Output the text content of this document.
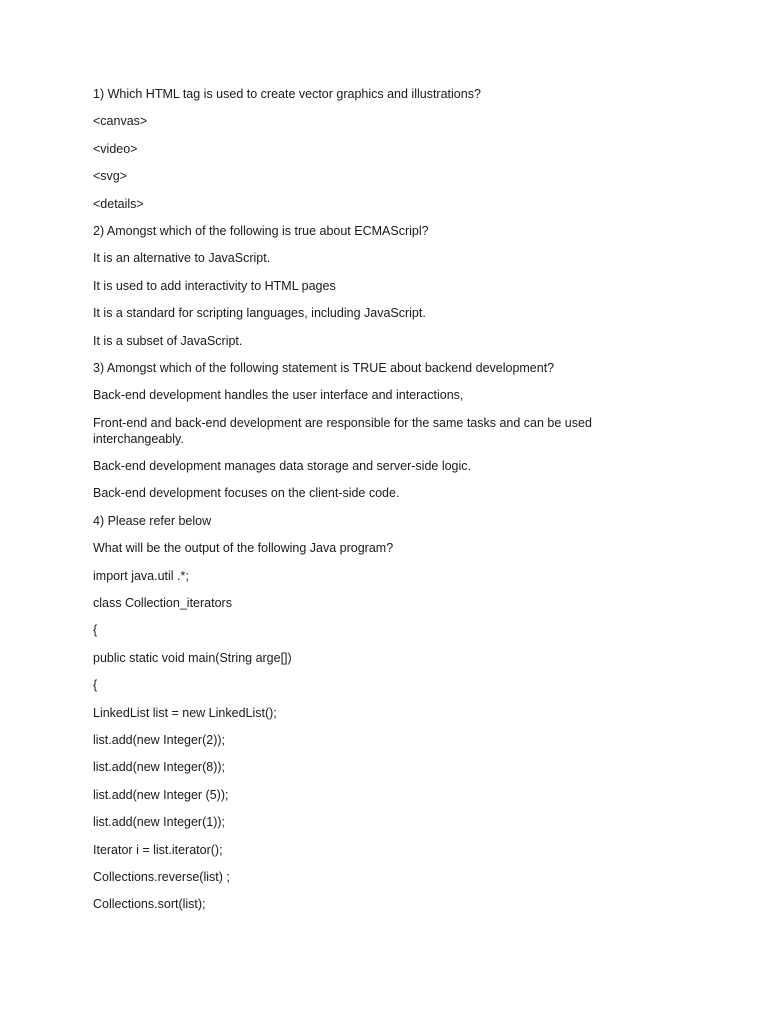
1) Which HTML tag is used to create vector graphics and illustrations?

<canvas>

<video>

<svg>

<details>

2) Amongst which of the following is true about ECMAScripl?

It is an alternative to JavaScript.

It is used to add interactivity to HTML pages

It is a standard for scripting languages, including JavaScript.

It is a subset of JavaScript.

3) Amongst which of the following statement is TRUE about backend development?

Back-end development handles the user interface and interactions,

Front-end and back-end development are responsible for the same tasks and can be used interchangeably.

Back-end development manages data storage and server-side logic.

Back-end development focuses on the client-side code.

4) Please refer below

What will be the output of the following Java program?

import java.util .*;

class Collection_iterators

{

public static void main(String arge[])

{

LinkedList list = new LinkedList();

list.add(new Integer(2));

list.add(new Integer(8));

list.add(new Integer (5));

list.add(new Integer(1));

Iterator i = list.iterator();

Collections.reverse(list) ;

Collections.sort(list);
